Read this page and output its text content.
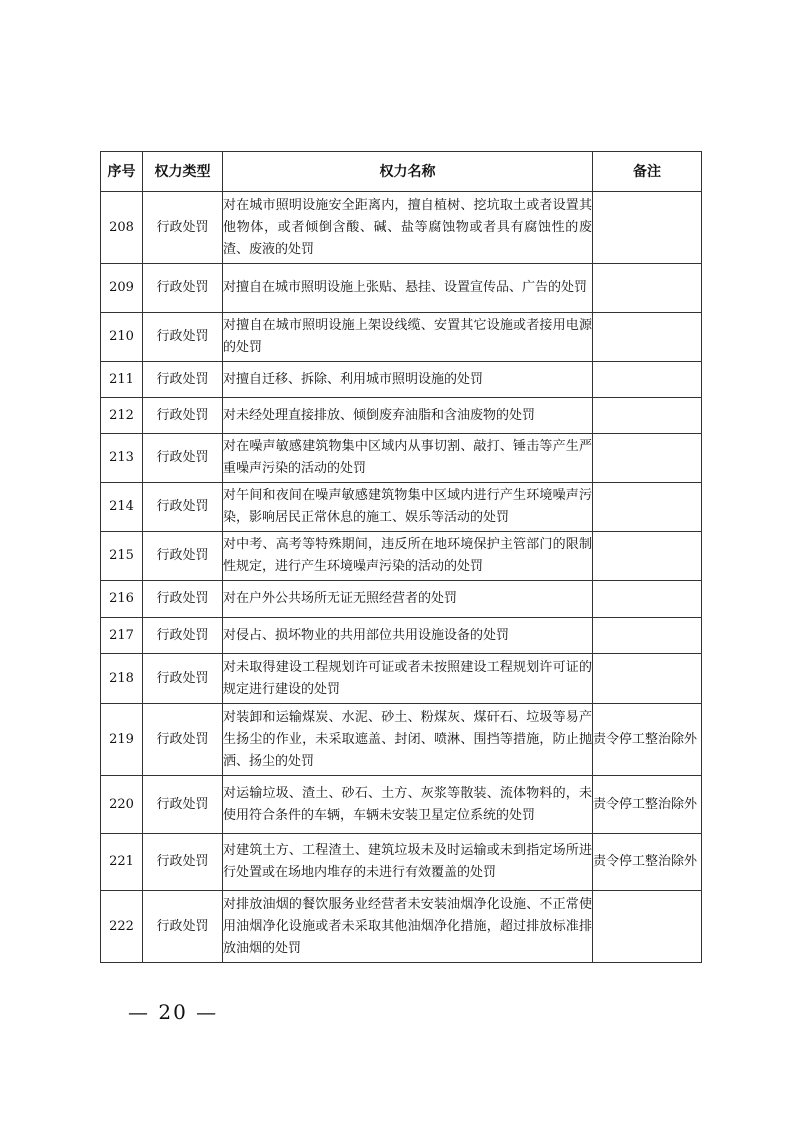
序号	权力类型	权力名称	备注
208	行政处罚	对在城市照明设施安全距离内，擅自植树、挖坑取土或者设置其他物体，或者倾倒含酸、碱、盐等腐蚀物或者具有腐蚀性的废渣、废液的处罚	
209	行政处罚	对擅自在城市照明设施上张贴、悬挂、设置宣传品、广告的处罚	
210	行政处罚	对擅自在城市照明设施上架设线缆、安置其它设施或者接用电源的处罚	
211	行政处罚	对擅自迁移、拆除、利用城市照明设施的处罚	
212	行政处罚	对未经处理直接排放、倾倒废弃油脂和含油废物的处罚	
213	行政处罚	对在噪声敏感建筑物集中区域内从事切割、敲打、锤击等产生严重噪声污染的活动的处罚	
214	行政处罚	对午间和夜间在噪声敏感建筑物集中区域内进行产生环境噪声污染，影响居民正常休息的施工、娱乐等活动的处罚	
215	行政处罚	对中考、高考等特殊期间，违反所在地环境保护主管部门的限制性规定，进行产生环境噪声污染的活动的处罚	
216	行政处罚	对在户外公共场所无证无照经营者的处罚	
217	行政处罚	对侵占、损坏物业的共用部位共用设施设备的处罚	
218	行政处罚	对未取得建设工程规划许可证或者未按照建设工程规划许可证的规定进行建设的处罚	
219	行政处罚	对装卸和运输煤炭、水泥、砂土、粉煤灰、煤矸石、垃圾等易产生扬尘的作业，未采取遮盖、封闭、喷淋、围挡等措施，防止抛洒、扬尘的处罚	责令停工整治除外
220	行政处罚	对运输垃圾、渣土、砂石、土方、灰浆等散装、流体物料的，未使用符合条件的车辆，车辆未安装卫星定位系统的处罚	责令停工整治除外
221	行政处罚	对建筑土方、工程渣土、建筑垃圾未及时运输或未到指定场所进行处置或在场地内堆存的未进行有效覆盖的处罚	责令停工整治除外
222	行政处罚	对排放油烟的餐饮服务业经营者未安装油烟净化设施、不正常使用油烟净化设施或者未采取其他油烟净化措施，超过排放标准排放油烟的处罚	
— 20 —
